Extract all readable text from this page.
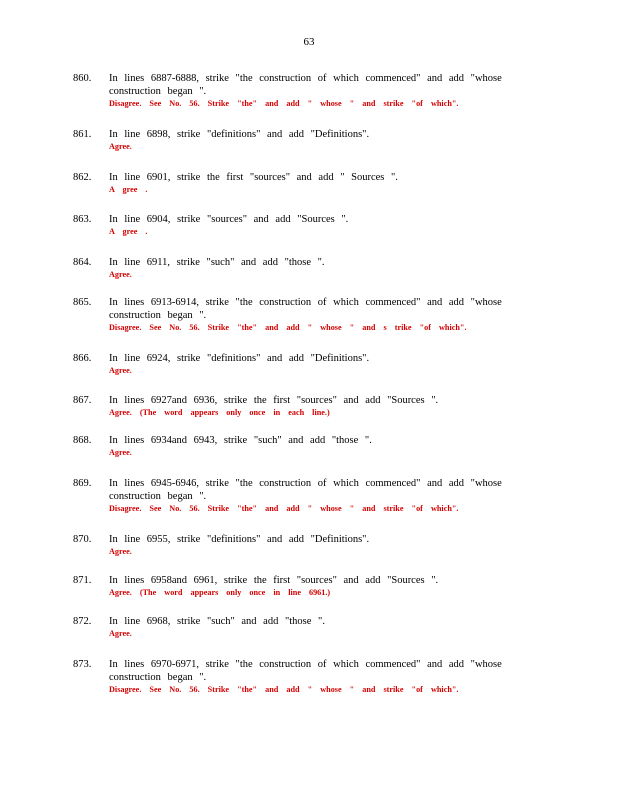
63
860. In lines 6887-6888, strike "the construction of which commenced" and add "whose
construction began ".
Disagree. See No. 56. Strike "the" and add " whose " and strike "of which".
861. In line 6898, strike "definitions" and add "Definitions".
Agree.
862. In line 6901, strike the first "sources" and add " Sources ".
A gree .
863. In line 6904, strike "sources" and add "Sources ".
A gree .
864. In line 6911, strike "such" and add "those ".
Agree.
865. In lines 6913-6914, strike "the construction of which commenced" and add "whose
construction began ".
Disagree. See No. 56. Strike "the" and add " whose " and s trike "of which".
866. In line 6924, strike "definitions" and add "Definitions".
Agree.
867. In lines 6927and 6936, strike the first "sources" and add "Sources ".
Agree. (The word appears only once in each line.)
868. In lines 6934and 6943, strike "such" and add "those ".
Agree.
869. In lines 6945-6946, strike "the construction of which commenced" and add "whose
construction began ".
Disagree. See No. 56. Strike "the" and add " whose " and strike "of which".
870. In line 6955, strike "definitions" and add "Definitions".
Agree.
871. In lines 6958and 6961, strike the first "sources" and add "Sources ".
Agree. (The word appears only once in line 6961.)
872. In line 6968, strike "such" and add "those ".
Agree.
873. In lines 6970-6971, strike "the construction of which commenced" and add "whose
construction began ".
Disagree. See No. 56. Strike "the" and add " whose " and strike "of which".
